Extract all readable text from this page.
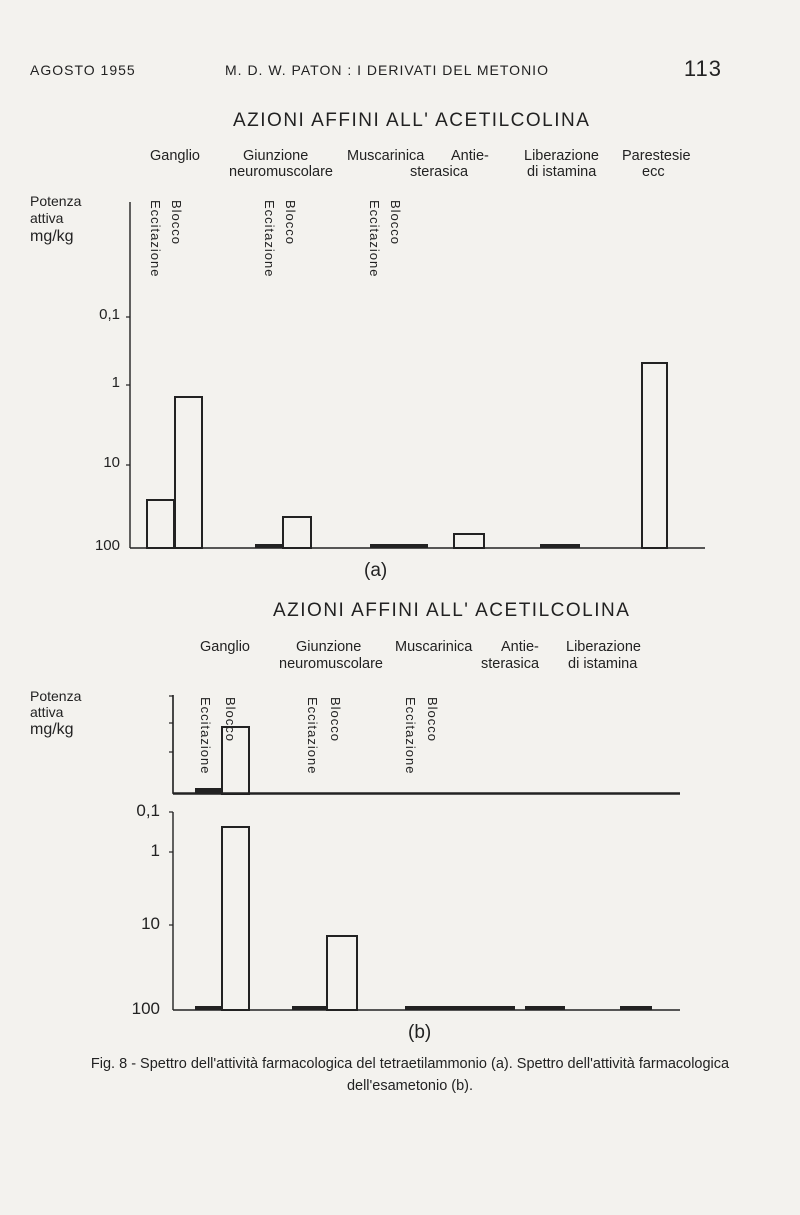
AGOSTO 1955	M. D. W. PATON : I DERIVATI DEL METONIO	113
AZIONI AFFINI ALL' ACETILCOLINA
Ganglio	Giunzione
neuromuscolare
Muscarinica Antie-
sterasica
Liberazione
di istamina
Parestesie
ecc
Potenza
attiva
mg/kg
0,1
1
10
100
Eccitazione Blocco	Eccitazione Blocco	Eccitazione Blocco
(a)
AZIONI AFFINI ALL' ACETILCOLINA
Ganglio	Giunzione
neuromuscolare
Muscarinica Antie-
sterasica
Liberazione
di istamina
Potenza
attiva
mg/kg
0,1
1
10
100
Eccitazione Blocco	Eccitazione Blocco	Eccitazione Blocco
(b)
Fig. 8 - Spettro dell'attività farmacologica del tetraetilammonio (a). Spettro dell'attività farmacologica
dell'esametonio (b).
